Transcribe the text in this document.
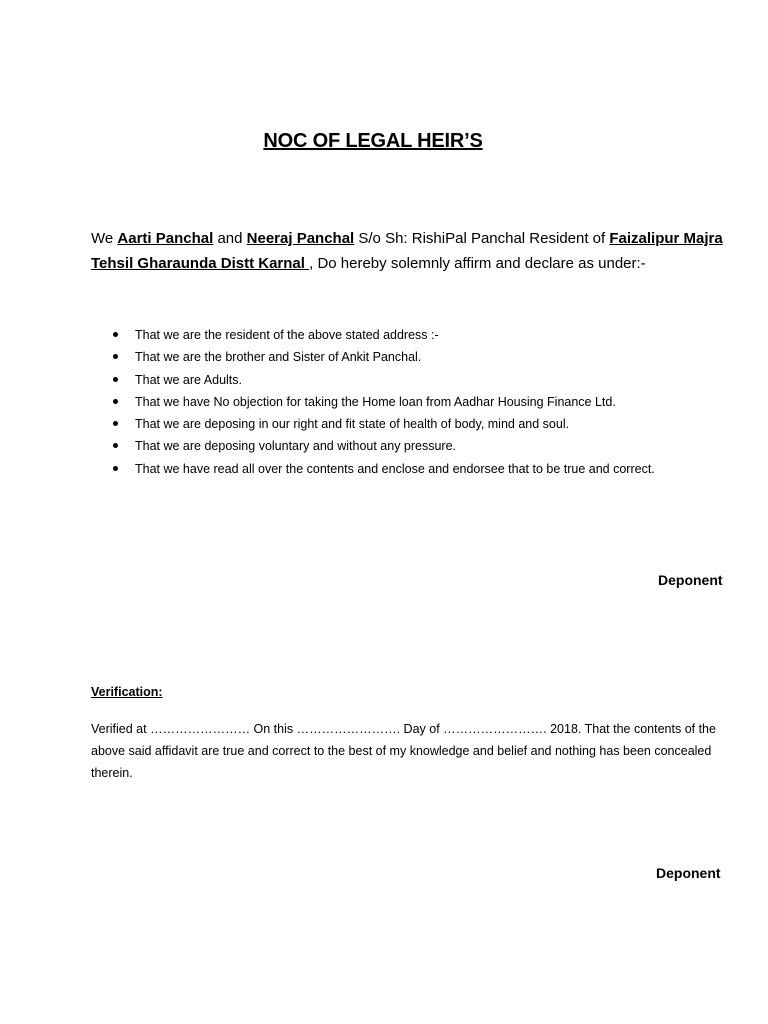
NOC OF LEGAL HEIR’S
We Aarti Panchal and Neeraj Panchal S/o Sh: RishiPal Panchal Resident of Faizalipur Majra Tehsil Gharaunda Distt Karnal , Do hereby solemnly affirm and declare as under:-
That we are the resident of the above stated address :-
That we are the brother and Sister of Ankit Panchal.
That we are Adults.
That we have No objection for taking the Home loan from Aadhar Housing Finance Ltd.
That we are deposing in our right and fit state of health of body, mind and soul.
That we are deposing voluntary and without any pressure.
That we have read all over the contents and enclose and endorsee that to be true and correct.
Deponent
Verification:
Verified at …………………… On this ……………………. Day of ……………………. 2018. That the contents of the above said affidavit are true and correct to the best of my knowledge and belief and nothing has been concealed therein.
Deponent
